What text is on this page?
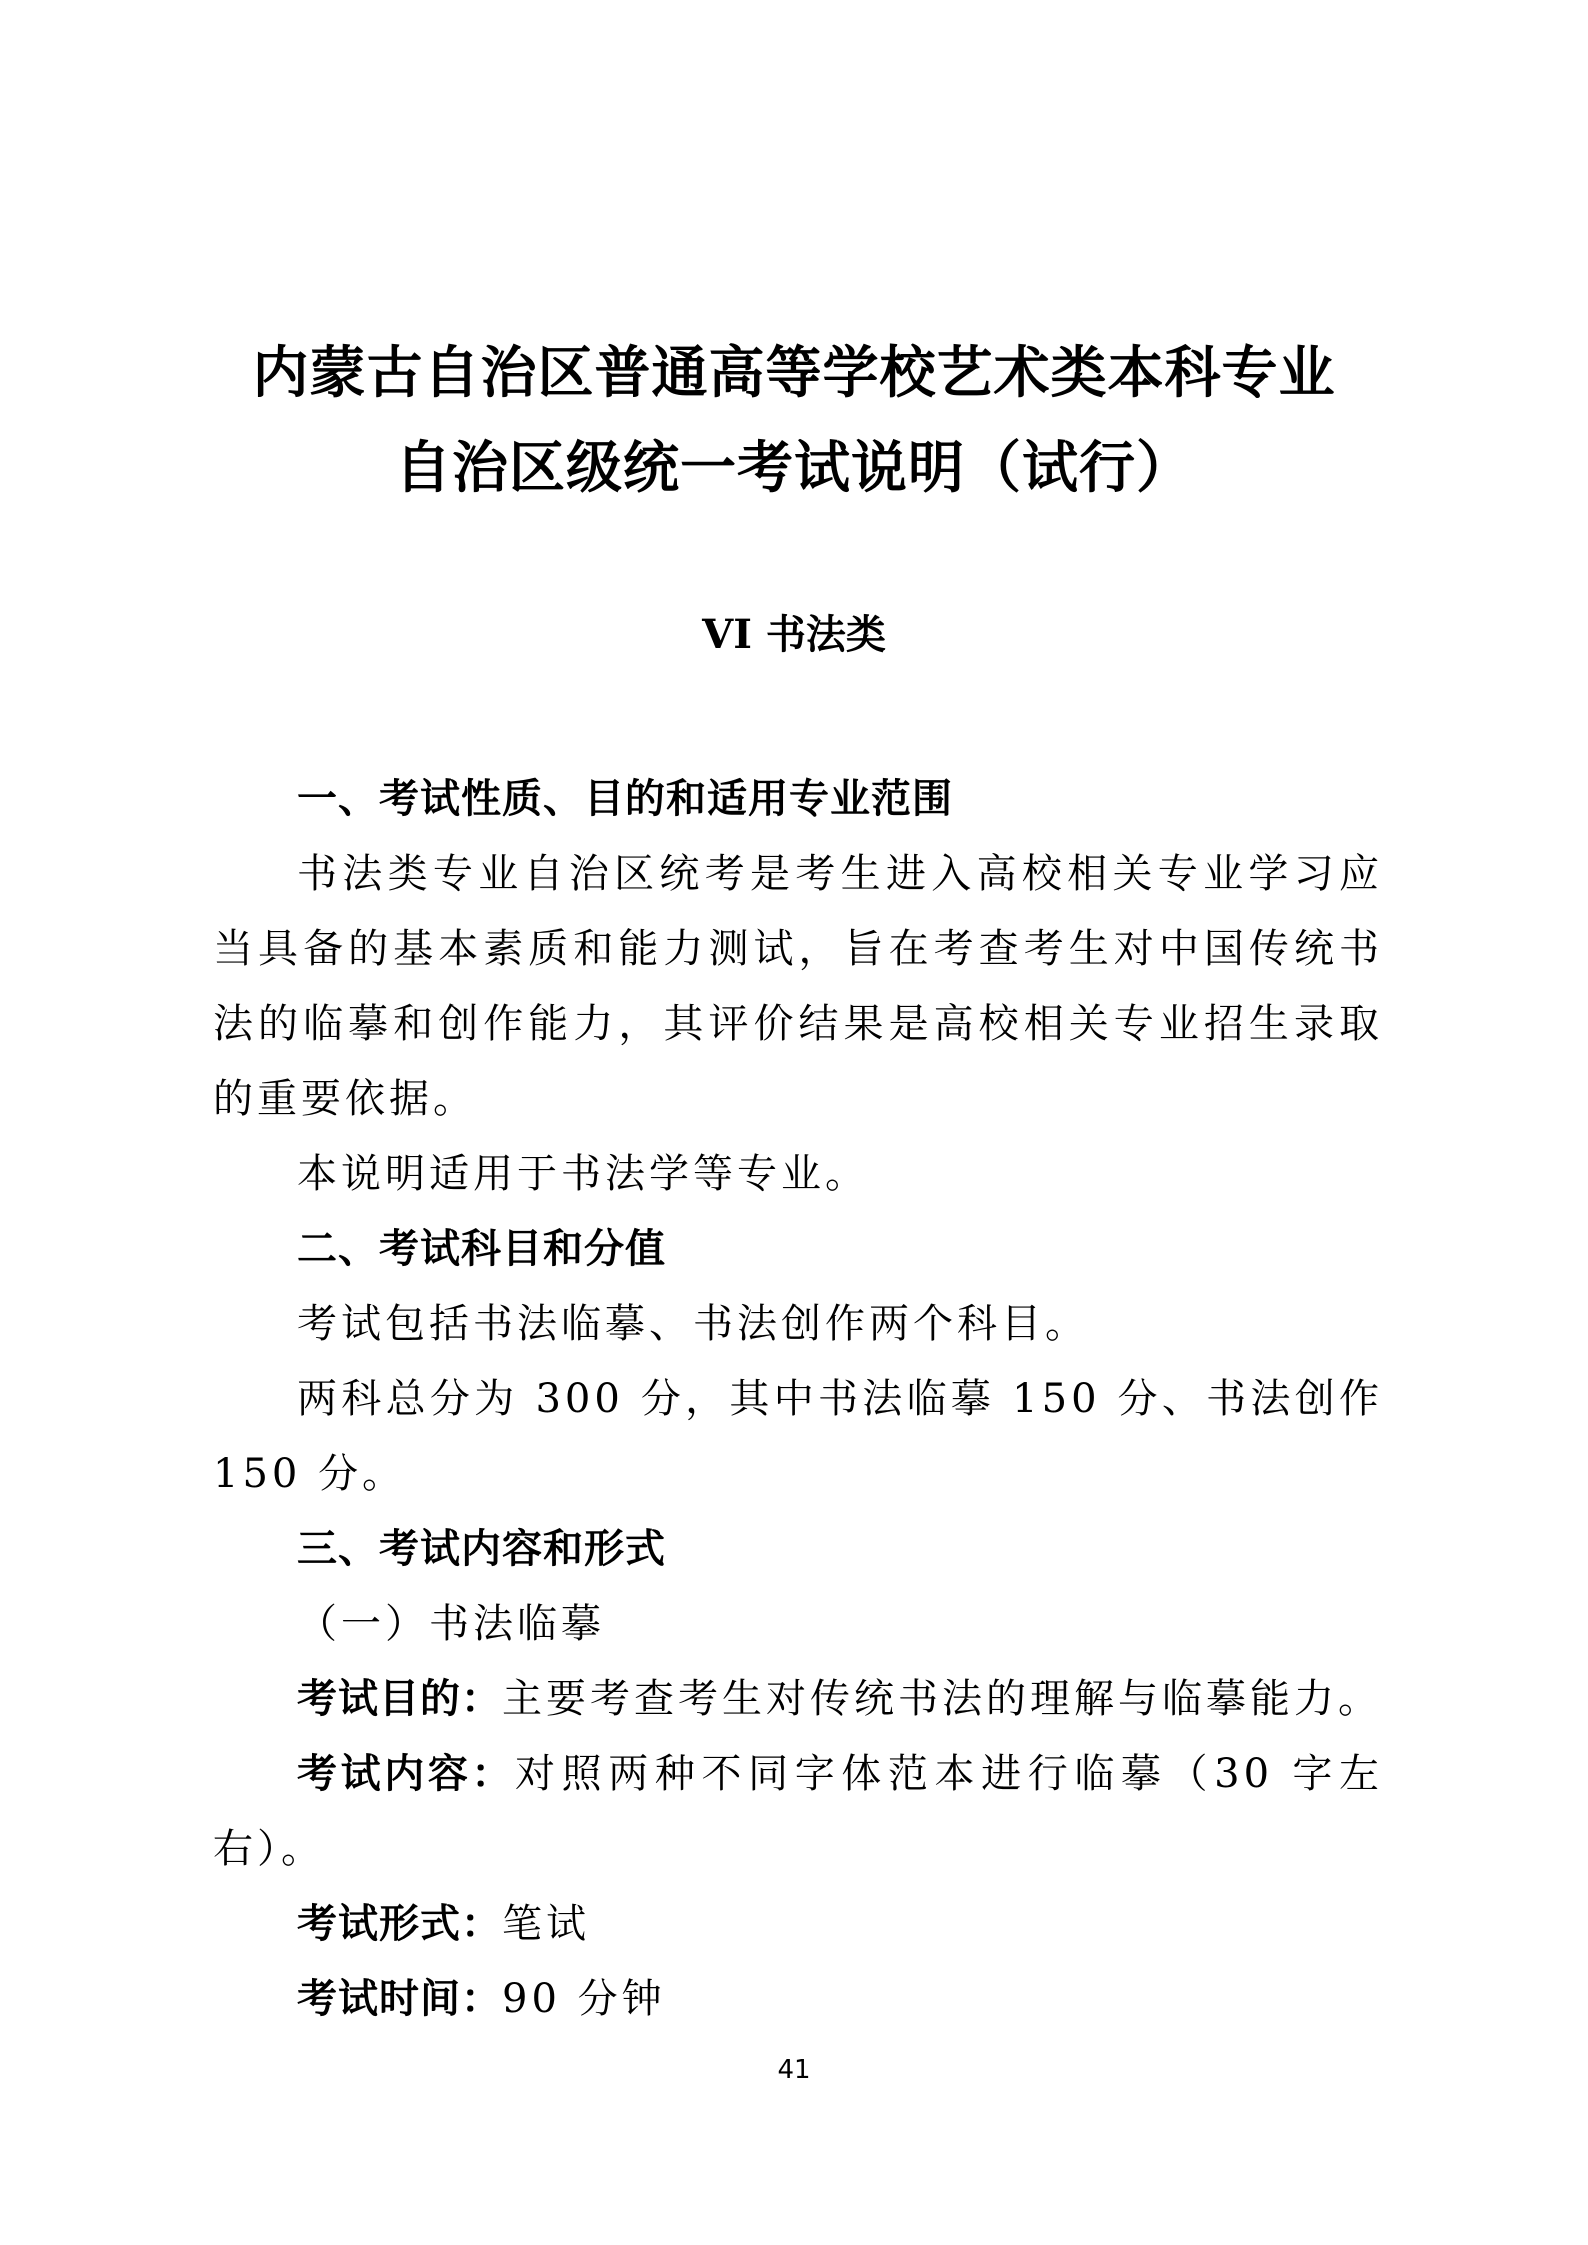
内蒙古自治区普通高等学校艺术类本科专业
自治区级统一考试说明（试行）
VI 书法类

一、考试性质、目的和适用专业范围

书法类专业自治区统考是考生进入高校相关专业学习应当具备的基本素质和能力测试，旨在考查考生对中国传统书法的临摹和创作能力，其评价结果是高校相关专业招生录取的重要依据。

本说明适用于书法学等专业。

二、考试科目和分值

考试包括书法临摹、书法创作两个科目。

两科总分为 300 分，其中书法临摹 150 分、书法创作 150 分。

三、考试内容和形式

（一）书法临摹

考试目的：主要考查考生对传统书法的理解与临摹能力。

考试内容：对照两种不同字体范本进行临摹（30 字左右）。

考试形式：笔试

考试时间：90 分钟

41
